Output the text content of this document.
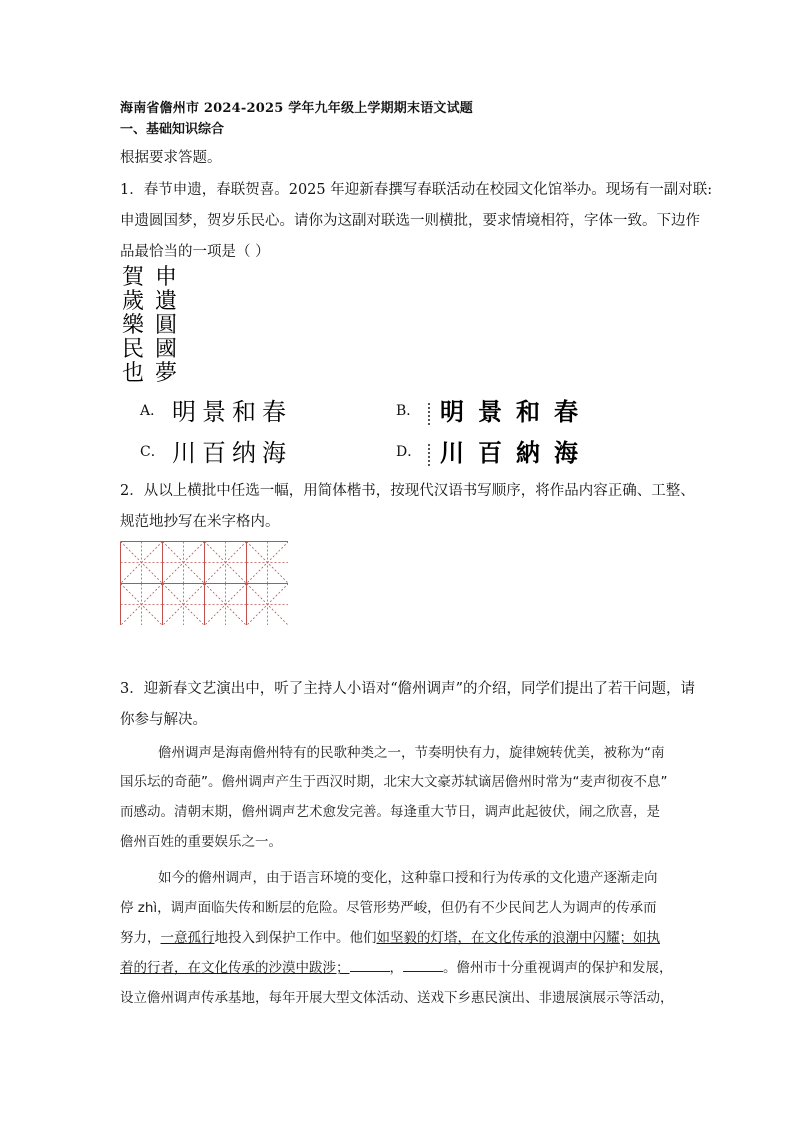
海南省儋州市 2024-2025 学年九年级上学期期末语文试题
一、基础知识综合
根据要求答题。
1．春节申遗，春联贺喜。2025 年迎新春撰写春联活动在校园文化馆举办。现场有一副对联:
申遗圆国梦，贺岁乐民心。请你为这副对联选一则横批，要求情境相符，字体一致。下边作
品最恰当的一项是（ ）
賀
歲
樂
民
也
申
遺
圓
國
夢
A． 明景和春	B． 明景和春
C． 川百纳海	D． 川百納海
2．从以上横批中任选一幅，用简体楷书，按现代汉语书写顺序，将作品内容正确、工整、
规范地抄写在米字格内。
3．迎新春文艺演出中，听了主持人小语对“儋州调声”的介绍，同学们提出了若干问题，请
你参与解决。
儋州调声是海南儋州特有的民歌种类之一，节奏明快有力，旋律婉转优美，被称为“南
国乐坛的奇葩”。儋州调声产生于西汉时期，北宋大文豪苏轼谪居儋州时常为“麦声彻夜不息”
而感动。清朝末期，儋州调声艺术愈发完善。每逢重大节日，调声此起彼伏，闹之欣喜，是
儋州百姓的重要娱乐之一。
如今的儋州调声，由于语言环境的变化，这种靠口授和行为传承的文化遗产逐渐走向
停 zhì，调声面临失传和断层的危险。尽管形势严峻，但仍有不少民间艺人为调声的传承而
努力，一意孤行地投入到保护工作中。他们如坚毅的灯塔，在文化传承的浪潮中闪耀；如执
着的行者，在文化传承的沙漠中跋涉；	，	。儋州市十分重视调声的保护和发展，
设立儋州调声传承基地，每年开展大型文体活动、送戏下乡惠民演出、非遗展演展示等活动，
